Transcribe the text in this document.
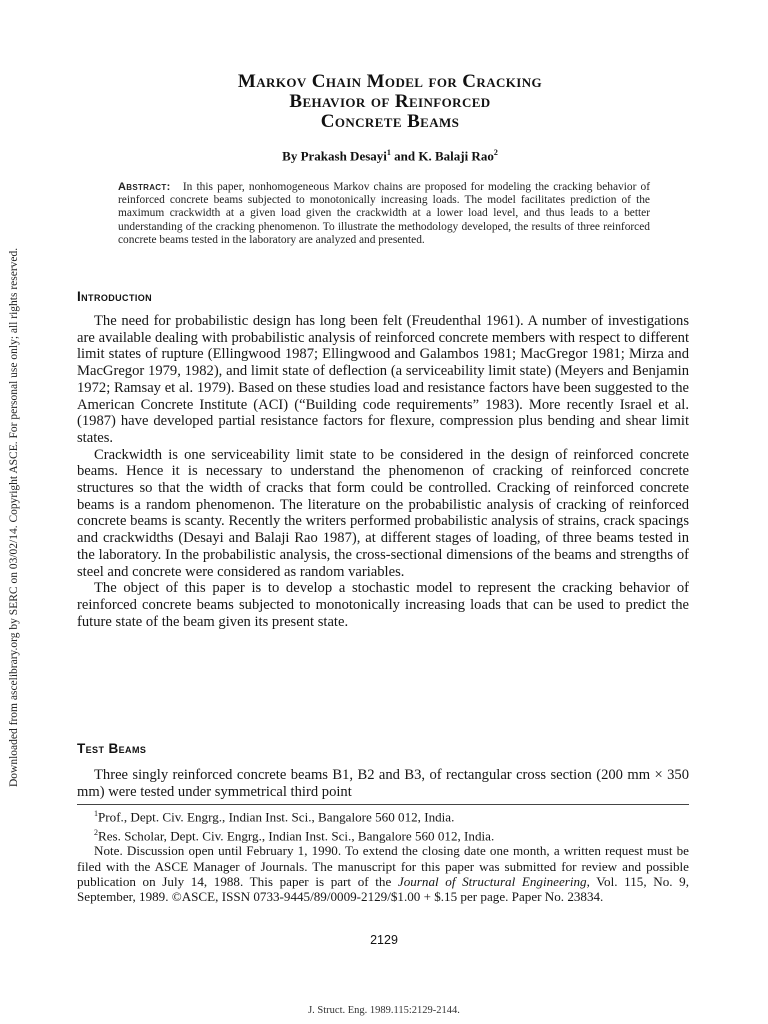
Downloaded from ascelibrary.org by SERC on 03/02/14. Copyright ASCE. For personal use only; all rights reserved.
Markov Chain Model for Cracking
Behavior of Reinforced
Concrete Beams
By Prakash Desayi$^1$ and K. Balaji Rao$^2$
Abstract: In this paper, nonhomogeneous Markov chains are proposed for modeling the cracking behavior of reinforced concrete beams subjected to monotonically increasing loads. The model facilitates prediction of the maximum crackwidth at a given load given the crackwidth at a lower load level, and thus leads to a better understanding of the cracking phenomenon. To illustrate the methodology developed, the results of three reinforced concrete beams tested in the laboratory are analyzed and presented.
Introduction

The need for probabilistic design has long been felt (Freudenthal 1961). A number of investigations are available dealing with probabilistic analysis of reinforced concrete members with respect to different limit states of rupture (Ellingwood 1987; Ellingwood and Galambos 1981; MacGregor 1981; Mirza and MacGregor 1979, 1982), and limit state of deflection (a serviceability limit state) (Meyers and Benjamin 1972; Ramsay et al. 1979). Based on these studies load and resistance factors have been suggested to the American Concrete Institute (ACI) (“Building code requirements” 1983). More recently Israel et al. (1987) have developed partial resistance factors for flexure, compression plus bending and shear limit states.

Crackwidth is one serviceability limit state to be considered in the design of reinforced concrete beams. Hence it is necessary to understand the phenomenon of cracking of reinforced concrete structures so that the width of cracks that form could be controlled. Cracking of reinforced concrete beams is a random phenomenon. The literature on the probabilistic analysis of cracking of reinforced concrete beams is scanty. Recently the writers performed probabilistic analysis of strains, crack spacings and crackwidths (Desayi and Balaji Rao 1987), at different stages of loading, of three beams tested in the laboratory. In the probabilistic analysis, the cross-sectional dimensions of the beams and strengths of steel and concrete were considered as random variables.

The object of this paper is to develop a stochastic model to represent the cracking behavior of reinforced concrete beams subjected to monotonically increasing loads that can be used to predict the future state of the beam given its present state.

Test Beams

Three singly reinforced concrete beams B1, B2 and B3, of rectangular cross section (200 mm × 350 mm) were tested under symmetrical third point

$^1$Prof., Dept. Civ. Engrg., Indian Inst. Sci., Bangalore 560 012, India.

$^2$Res. Scholar, Dept. Civ. Engrg., Indian Inst. Sci., Bangalore 560 012, India.

Note. Discussion open until February 1, 1990. To extend the closing date one month, a written request must be filed with the ASCE Manager of Journals. The manuscript for this paper was submitted for review and possible publication on July 14, 1988. This paper is part of the Journal of Structural Engineering, Vol. 115, No. 9, September, 1989. ©ASCE, ISSN 0733-9445/89/0009-2129/$1.00 + $.15 per page. Paper No. 23834.

2129
J. Struct. Eng. 1989.115:2129-2144.
